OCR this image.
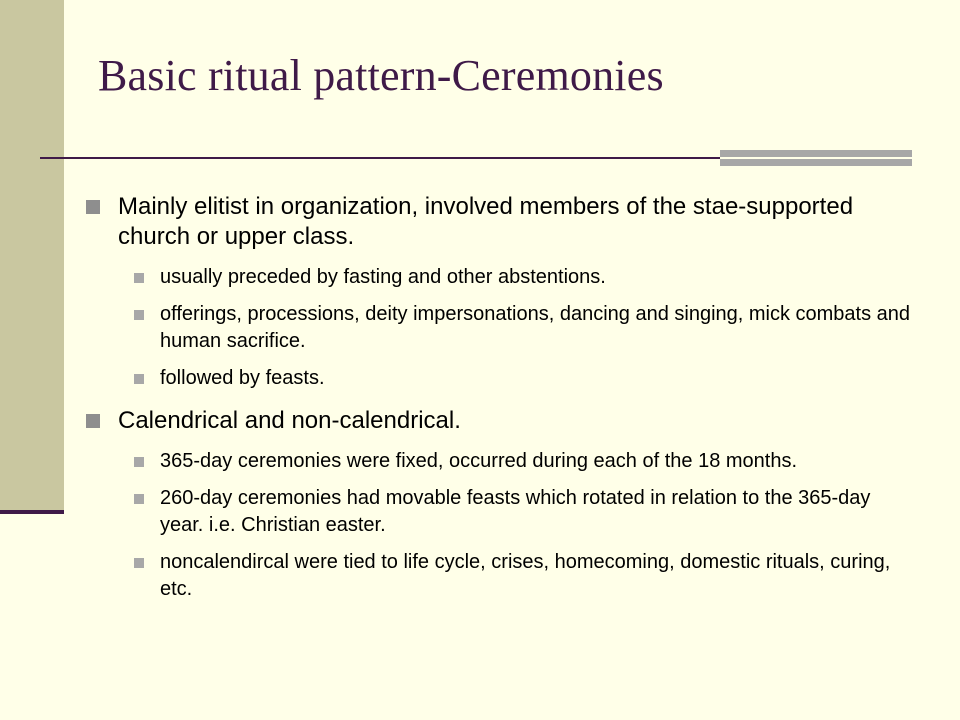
Basic ritual pattern-Ceremonies
Mainly elitist in organization, involved members of the stae-supported church or upper class.
usually preceded by fasting and other abstentions.
offerings, processions, deity impersonations, dancing and singing, mick combats and human sacrifice.
followed by feasts.
Calendrical and non-calendrical.
365-day ceremonies were fixed, occurred during each of the 18 months.
260-day ceremonies had movable feasts which rotated in relation to the 365-day year. i.e. Christian easter.
noncalendircal were tied to life cycle, crises, homecoming, domestic rituals, curing, etc.
